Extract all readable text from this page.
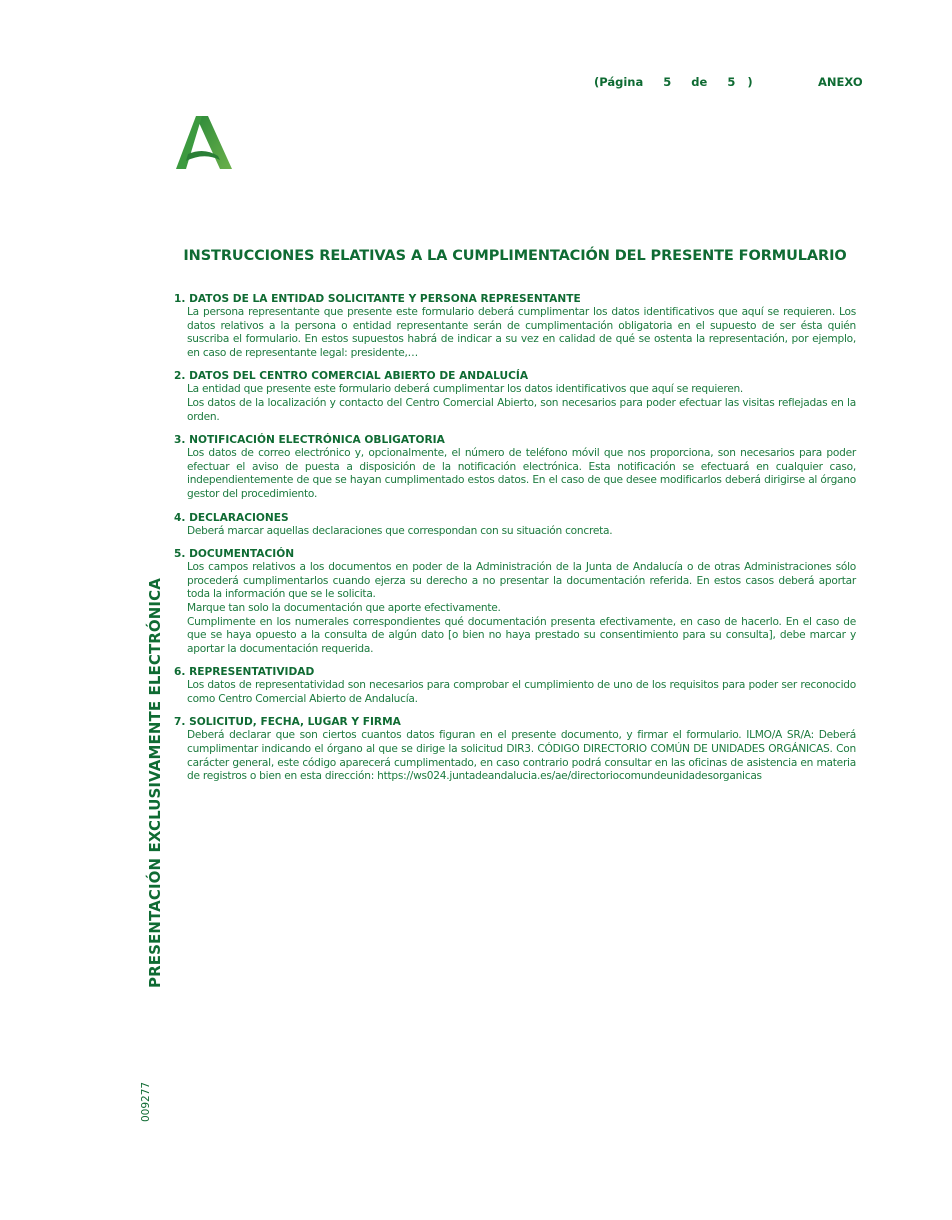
(Página     5     de     5   )	ANEXO
INSTRUCCIONES RELATIVAS A LA CUMPLIMENTACIÓN DEL PRESENTE FORMULARIO
1. DATOS DE LA ENTIDAD SOLICITANTE Y PERSONA REPRESENTANTE
La persona representante que presente este formulario deberá cumplimentar los datos identificativos que aquí se requieren. Los datos relativos a la persona o entidad representante serán de cumplimentación obligatoria en el supuesto de ser ésta quién suscriba el formulario. En estos supuestos habrá de indicar a su vez en calidad de qué se ostenta la representación, por ejemplo, en caso de representante legal: presidente,…
2. DATOS DEL CENTRO COMERCIAL ABIERTO DE ANDALUCÍA
La entidad que presente este formulario deberá cumplimentar los datos identificativos que aquí se requieren.
Los datos de la localización y contacto del Centro Comercial Abierto, son necesarios para poder efectuar las visitas reflejadas en la orden.
3. NOTIFICACIÓN ELECTRÓNICA OBLIGATORIA
Los datos de correo electrónico y, opcionalmente, el número de teléfono móvil que nos proporciona, son necesarios para poder efectuar el aviso de puesta a disposición de la notificación electrónica. Esta notificación se efectuará en cualquier caso, independientemente de que se hayan cumplimentado estos datos. En el caso de que desee modificarlos deberá dirigirse al órgano gestor del procedimiento.
4. DECLARACIONES
Deberá marcar aquellas declaraciones que correspondan con su situación concreta.
5. DOCUMENTACIÓN
Los campos relativos a los documentos en poder de la Administración de la Junta de Andalucía o de otras Administraciones sólo procederá cumplimentarlos cuando ejerza su derecho a no presentar la documentación referida. En estos casos deberá aportar toda la información que se le solicita.
Marque tan solo la documentación que aporte efectivamente.
Cumplimente en los numerales correspondientes qué documentación presenta efectivamente, en caso de hacerlo. En el caso de que se haya opuesto a la consulta de algún dato [o bien no haya prestado su consentimiento para su consulta], debe marcar y aportar la documentación requerida.
6. REPRESENTATIVIDAD
Los datos de representatividad son necesarios para comprobar el cumplimiento de uno de los requisitos para poder ser reconocido como Centro Comercial Abierto de Andalucía.
7. SOLICITUD, FECHA, LUGAR Y FIRMA
Deberá declarar que son ciertos cuantos datos figuran en el presente documento, y firmar el formulario. ILMO/A SR/A: Deberá cumplimentar indicando el órgano al que se dirige la solicitud DIR3. CÓDIGO DIRECTORIO COMÚN DE UNIDADES ORGÁNICAS. Con carácter general, este código aparecerá cumplimentado, en caso contrario podrá consultar en las oficinas de asistencia en materia de registros o bien en esta dirección: https://ws024.juntadeandalucia.es/ae/directoriocomundeunidadesorganicas
PRESENTACIÓN EXCLUSIVAMENTE ELECTRÓNICA
009277
